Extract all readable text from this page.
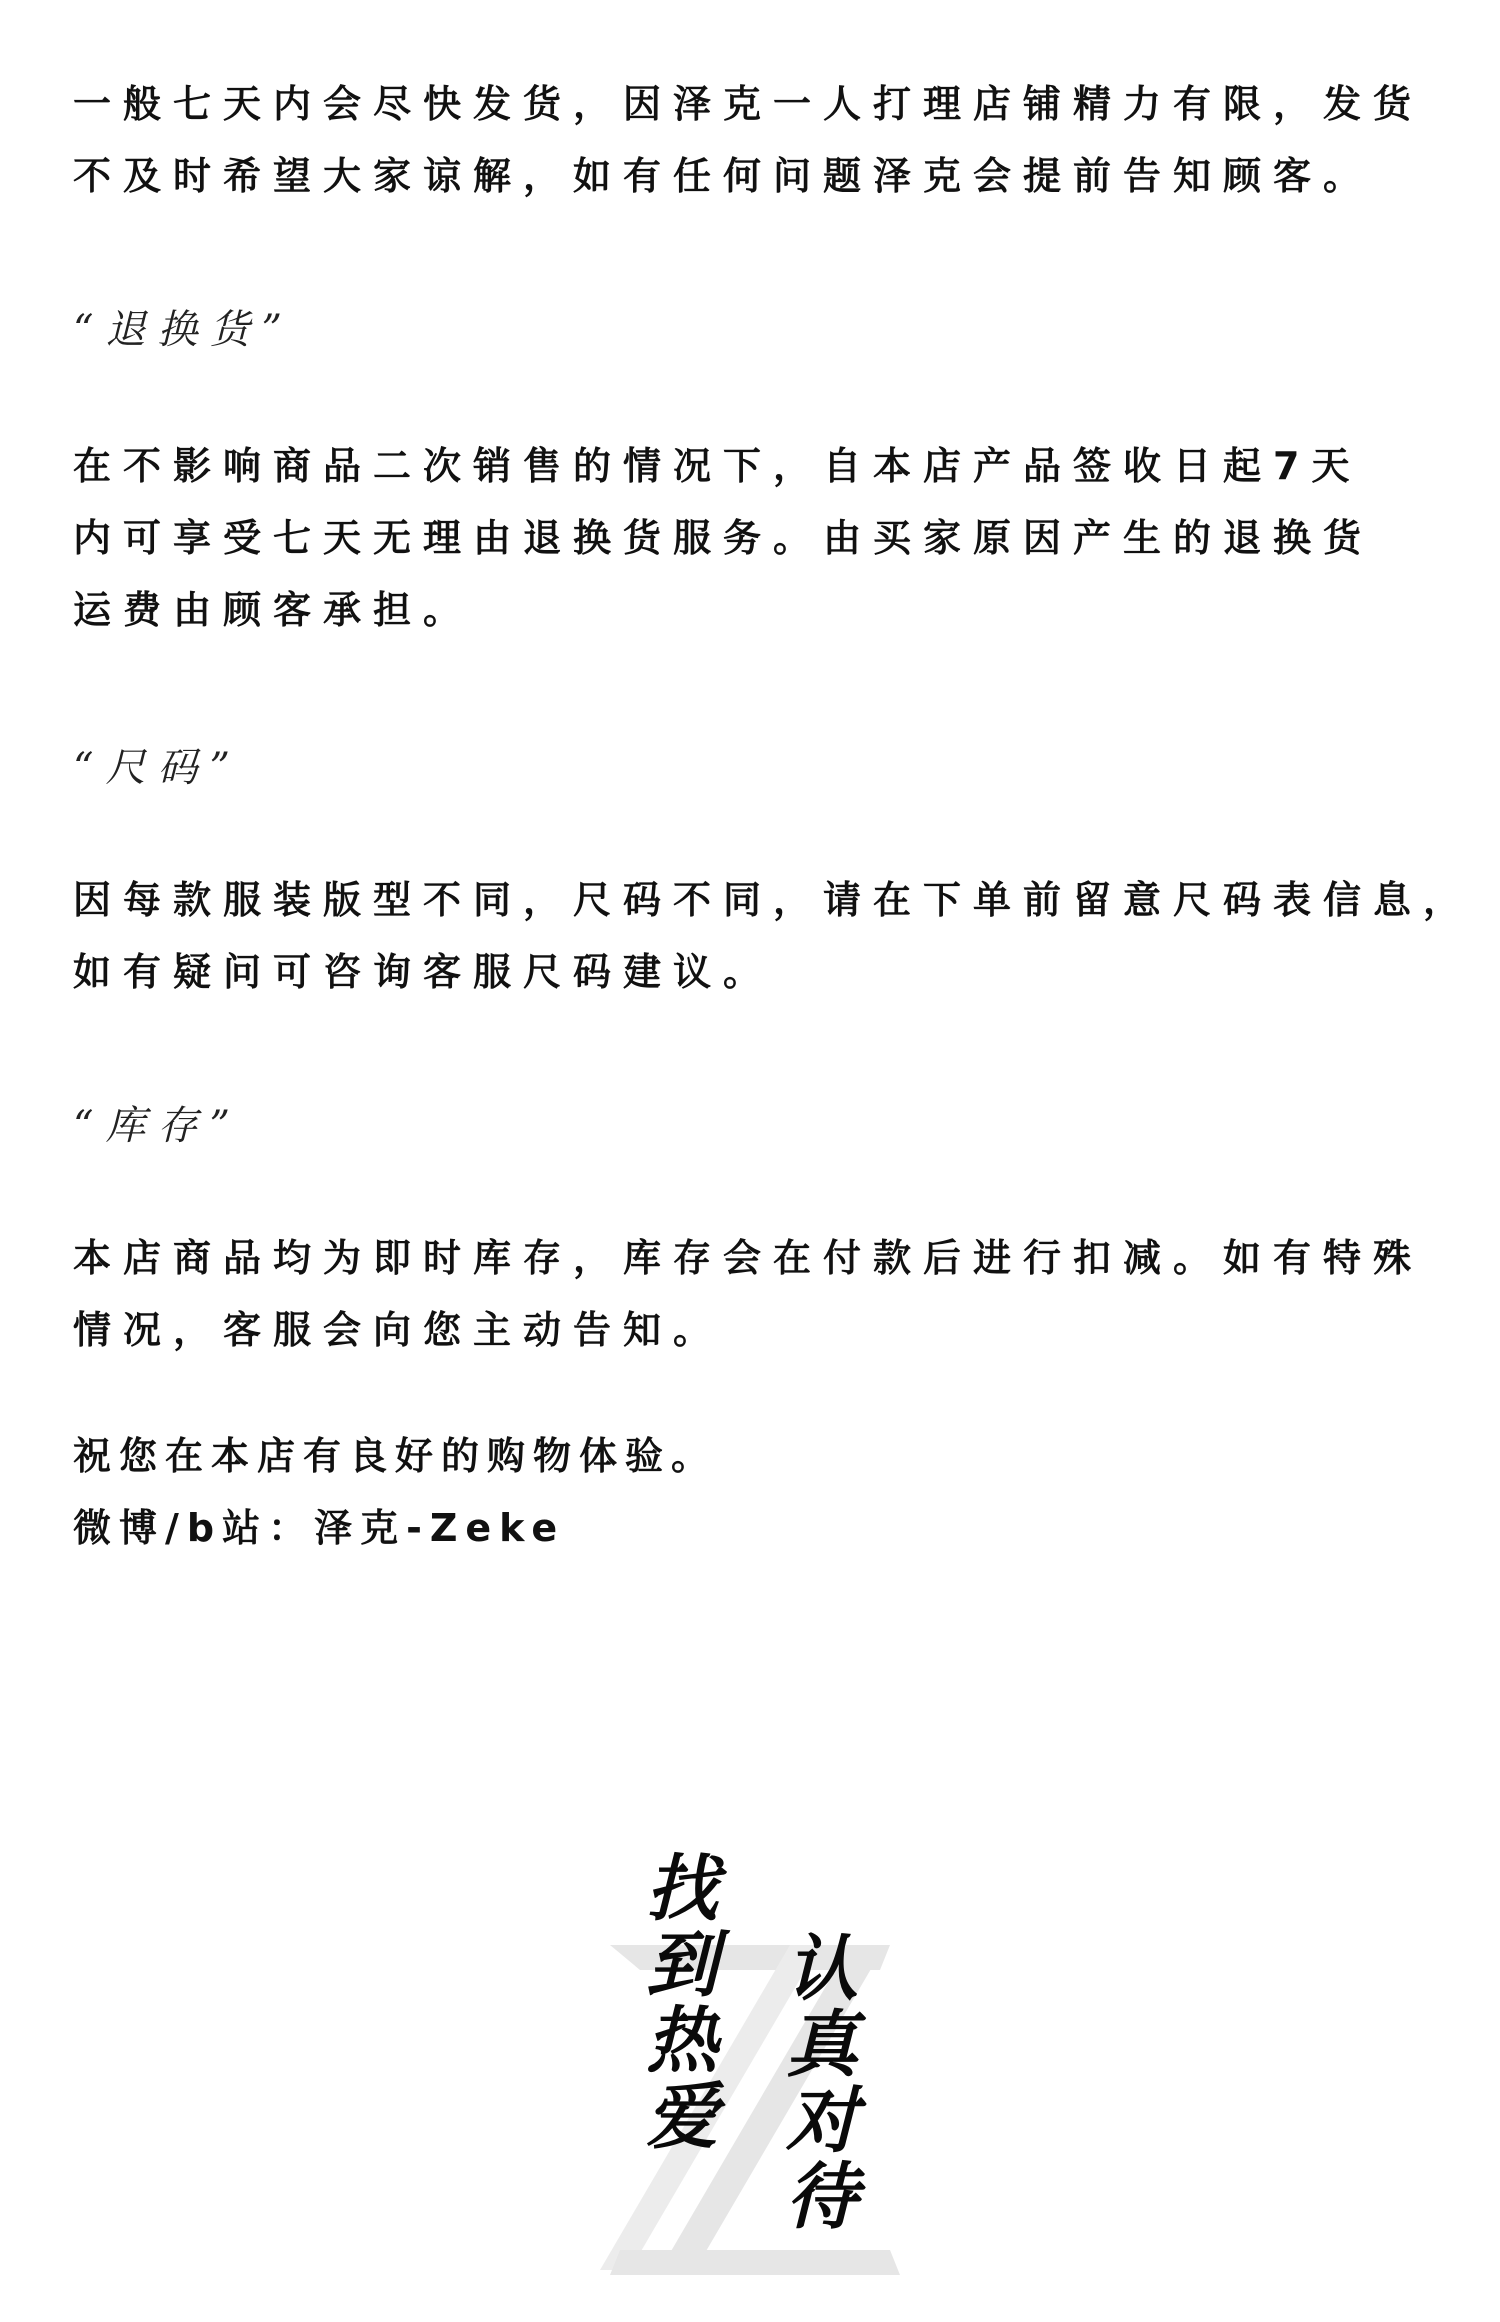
一般七天内会尽快发货，因泽克一人打理店铺精力有限，发货
不及时希望大家谅解，如有任何问题泽克会提前告知顾客。
“退换货”
在不影响商品二次销售的情况下，自本店产品签收日起7天
内可享受七天无理由退换货服务。由买家原因产生的退换货
运费由顾客承担。
“尺码”
因每款服装版型不同，尺码不同，请在下单前留意尺码表信息，
如有疑问可咨询客服尺码建议。
“库存”
本店商品均为即时库存，库存会在付款后进行扣减。如有特殊
情况，客服会向您主动告知。
祝您在本店有良好的购物体验。
微博/b站：泽克-Zeke
找到热爱 认真对待
